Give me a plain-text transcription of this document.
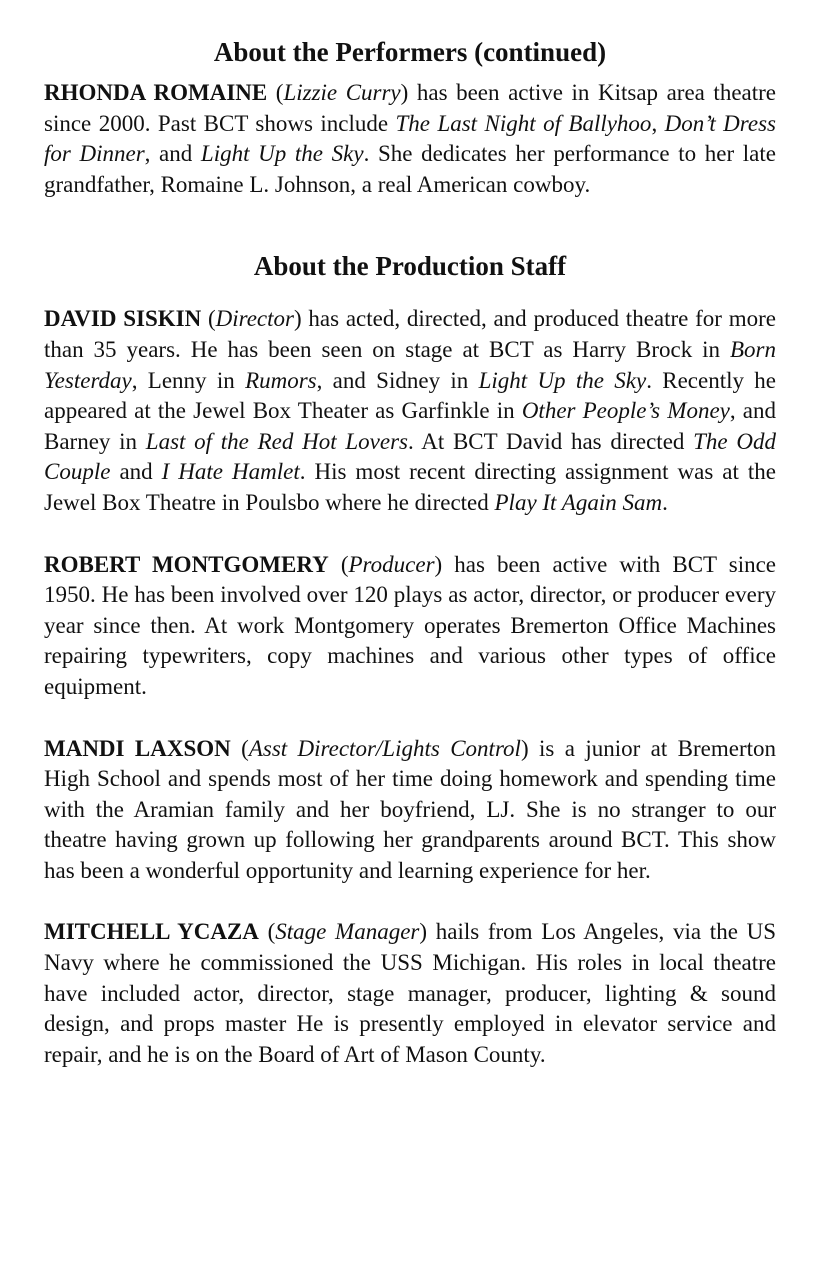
About the Performers (continued)

RHONDA ROMAINE (Lizzie Curry) has been active in Kitsap area theatre since 2000. Past BCT shows include The Last Night of Ballyhoo, Don’t Dress for Dinner, and Light Up the Sky. She dedicates her performance to her late grandfather, Romaine L. Johnson, a real American cowboy.

About the Production Staff

DAVID SISKIN (Director) has acted, directed, and produced theatre for more than 35 years. He has been seen on stage at BCT as Harry Brock in Born Yesterday, Lenny in Rumors, and Sidney in Light Up the Sky. Recently he appeared at the Jewel Box Theater as Garfinkle in Other People’s Money, and Barney in Last of the Red Hot Lovers. At BCT David has directed The Odd Couple and I Hate Hamlet. His most recent directing assignment was at the Jewel Box Theatre in Poulsbo where he directed Play It Again Sam.

ROBERT MONTGOMERY (Producer) has been active with BCT since 1950. He has been involved over 120 plays as actor, director, or producer every year since then. At work Montgomery operates Bremerton Office Machines repairing typewriters, copy machines and various other types of office equipment.

MANDI LAXSON (Asst Director/Lights Control) is a junior at Bremerton High School and spends most of her time doing homework and spending time with the Aramian family and her boyfriend, LJ. She is no stranger to our theatre having grown up following her grandparents around BCT. This show has been a wonderful opportunity and learning experience for her.

MITCHELL YCAZA (Stage Manager) hails from Los Angeles, via the US Navy where he commissioned the USS Michigan. His roles in local theatre have included actor, director, stage manager, producer, lighting & sound design, and props master He is presently employed in elevator service and repair, and he is on the Board of Art of Mason County.
